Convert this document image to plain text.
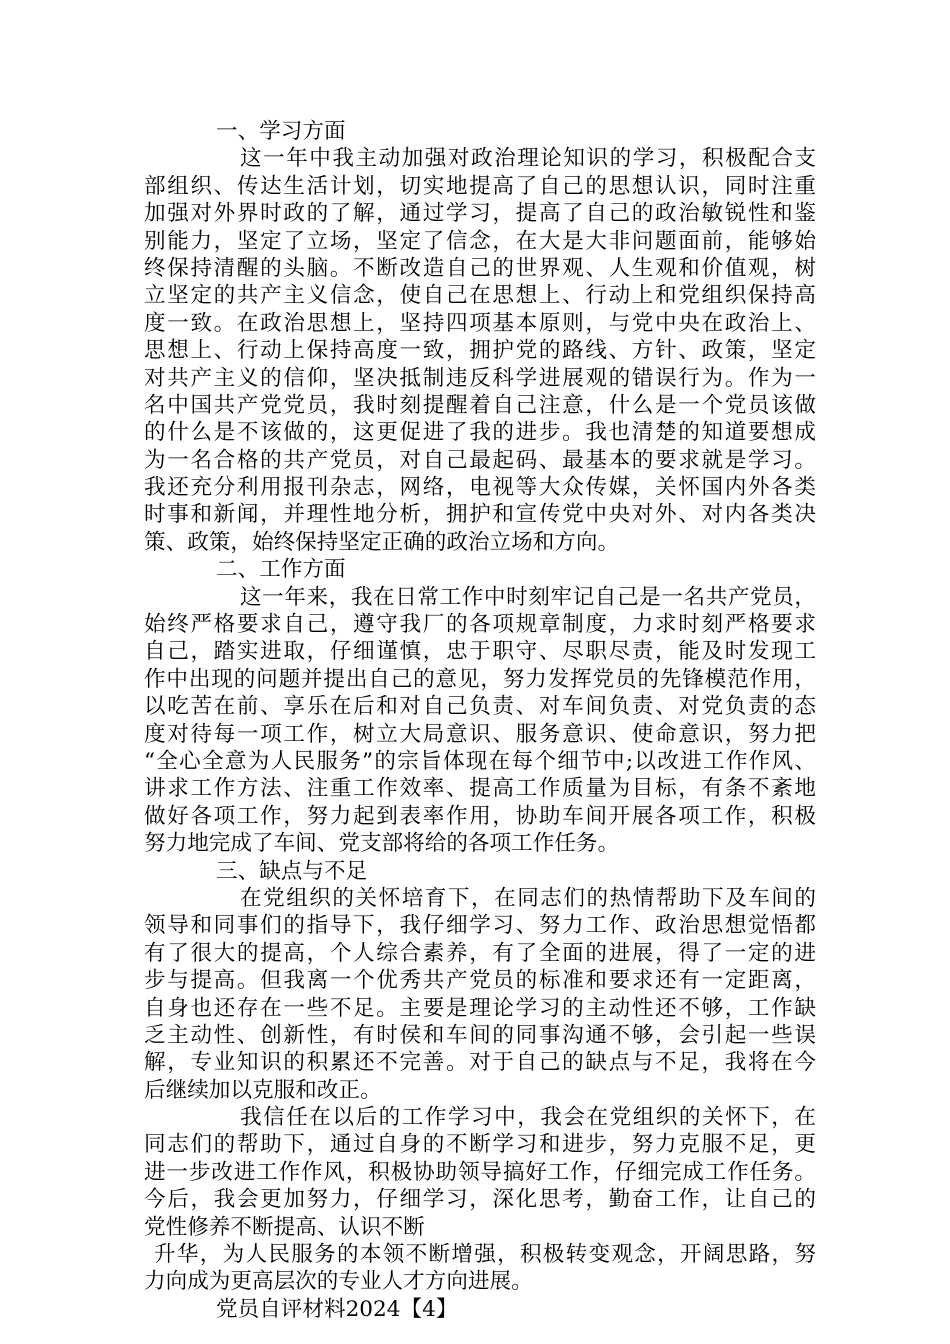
一、学习方面
这一年中我主动加强对政治理论知识的学习，积极配合支
部组织、传达生活计划，切实地提高了自己的思想认识，同时注重
加强对外界时政的了解，通过学习，提高了自己的政治敏锐性和鉴
别能力，坚定了立场，坚定了信念，在大是大非问题面前，能够始
终保持清醒的头脑。不断改造自己的世界观、人生观和价值观，树
立坚定的共产主义信念，使自己在思想上、行动上和党组织保持高
度一致。在政治思想上，坚持四项基本原则，与党中央在政治上、
思想上、行动上保持高度一致，拥护党的路线、方针、政策，坚定
对共产主义的信仰，坚决抵制违反科学进展观的错误行为。作为一
名中国共产党党员，我时刻提醒着自己注意，什么是一个党员该做
的什么是不该做的，这更促进了我的进步。我也清楚的知道要想成
为一名合格的共产党员，对自己最起码、最基本的要求就是学习。
我还充分利用报刊杂志，网络，电视等大众传媒，关怀国内外各类
时事和新闻，并理性地分析，拥护和宣传党中央对外、对内各类决
策、政策，始终保持坚定正确的政治立场和方向。
二、工作方面
这一年来，我在日常工作中时刻牢记自己是一名共产党员，
始终严格要求自己，遵守我厂的各项规章制度，力求时刻严格要求
自己，踏实进取，仔细谨慎，忠于职守、尽职尽责，能及时发现工
作中出现的问题并提出自己的意见，努力发挥党员的先锋模范作用，
以吃苦在前、享乐在后和对自己负责、对车间负责、对党负责的态
度对待每一项工作，树立大局意识、服务意识、使命意识，努力把
“全心全意为人民服务”的宗旨体现在每个细节中;以改进工作作风、
讲求工作方法、注重工作效率、提高工作质量为目标，有条不紊地
做好各项工作，努力起到表率作用，协助车间开展各项工作，积极
努力地完成了车间、党支部将给的各项工作任务。
三、缺点与不足
在党组织的关怀培育下，在同志们的热情帮助下及车间的
领导和同事们的指导下，我仔细学习、努力工作、政治思想觉悟都
有了很大的提高，个人综合素养，有了全面的进展，得了一定的进
步与提高。但我离一个优秀共产党员的标准和要求还有一定距离，
自身也还存在一些不足。主要是理论学习的主动性还不够，工作缺
乏主动性、创新性，有时侯和车间的同事沟通不够，会引起一些误
解，专业知识的积累还不完善。对于自己的缺点与不足，我将在今
后继续加以克服和改正。
我信任在以后的工作学习中，我会在党组织的关怀下，在
同志们的帮助下，通过自身的不断学习和进步，努力克服不足，更
进一步改进工作作风，积极协助领导搞好工作，仔细完成工作任务。
今后，我会更加努力，仔细学习，深化思考，勤奋工作，让自己的
党性修养不断提高、认识不断
升华，为人民服务的本领不断增强，积极转变观念，开阔思路，努
力向成为更高层次的专业人才方向进展。
党员自评材料2024【4】
